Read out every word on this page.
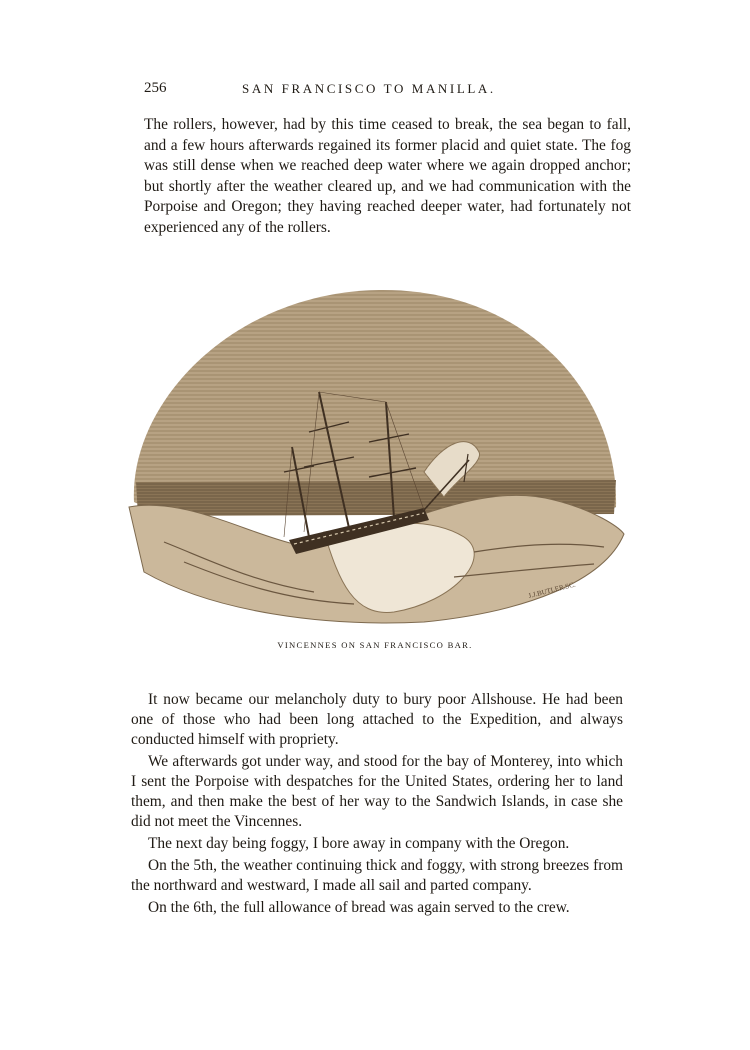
256	SAN FRANCISCO TO MANILLA.

The rollers, however, had by this time ceased to break, the sea began to fall, and a few hours afterwards regained its former placid and quiet state. The fog was still dense when we reached deep water where we again dropped anchor; but shortly after the weather cleared up, and we had communication with the Porpoise and Oregon; they having reached deeper water, had fortunately not experienced any of the rollers.

J.J.BUTLER.SC.
VINCENNES ON SAN FRANCISCO BAR.

It now became our melancholy duty to bury poor Allshouse. He had been one of those who had been long attached to the Expedition, and always conducted himself with propriety.

We afterwards got under way, and stood for the bay of Monterey, into which I sent the Porpoise with despatches for the United States, ordering her to land them, and then make the best of her way to the Sandwich Islands, in case she did not meet the Vincennes.

The next day being foggy, I bore away in company with the Oregon.

On the 5th, the weather continuing thick and foggy, with strong breezes from the northward and westward, I made all sail and parted company.

On the 6th, the full allowance of bread was again served to the crew.
